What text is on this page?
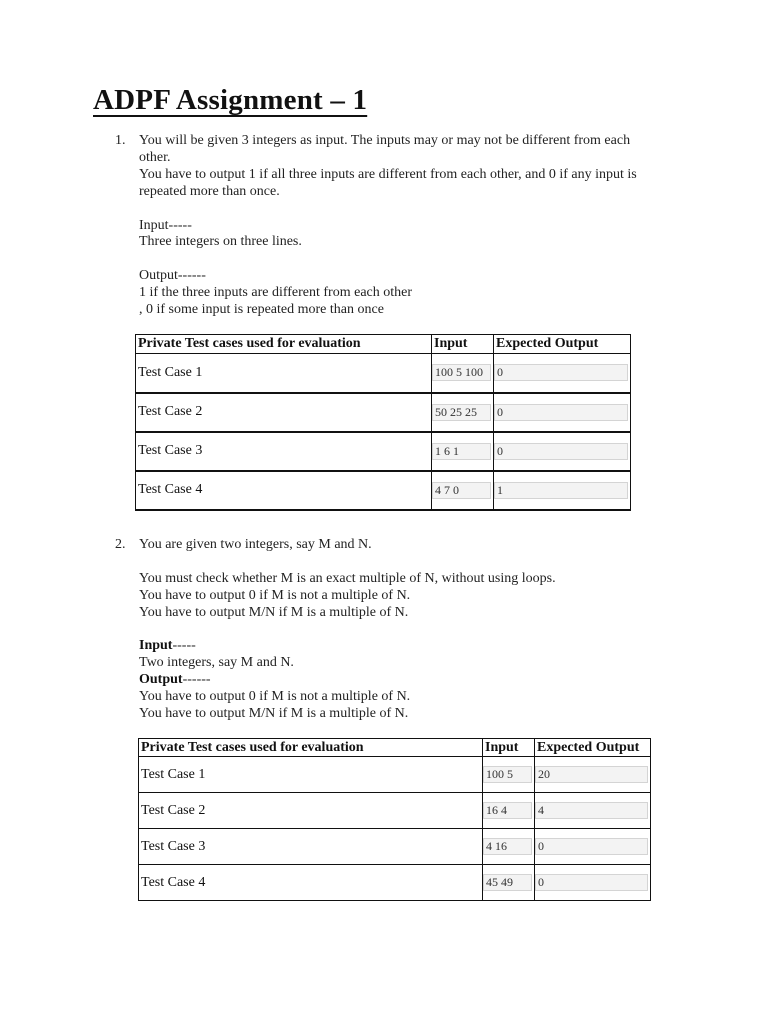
ADPF Assignment – 1
1. You will be given 3 integers as input. The inputs may or may not be different from each other.

You have to output 1 if all three inputs are different from each other, and 0 if any input is repeated more than once.

Input-----

Three integers on three lines.

Output------

1 if the three inputs are different from each other

, 0 if some input is repeated more than once

Private Test cases used for evaluation	Input	Expected Output
Test Case 1	100 5 100	0

Test Case 2	50 25 25	0

Test Case 3	1 6 1	0

Test Case 4	4 7 0	1
2. You are given two integers, say M and N.

You must check whether M is an exact multiple of N, without using loops.

You have to output 0 if M is not a multiple of N.

You have to output M/N if M is a multiple of N.

Input-----

Two integers, say M and N.

Output------

You have to output 0 if M is not a multiple of N.

You have to output M/N if M is a multiple of N.

Private Test cases used for evaluation	Input	Expected Output
Test Case 1	100 5	20

Test Case 2	16 4	4

Test Case 3	4 16	0

Test Case 4	45 49	0
